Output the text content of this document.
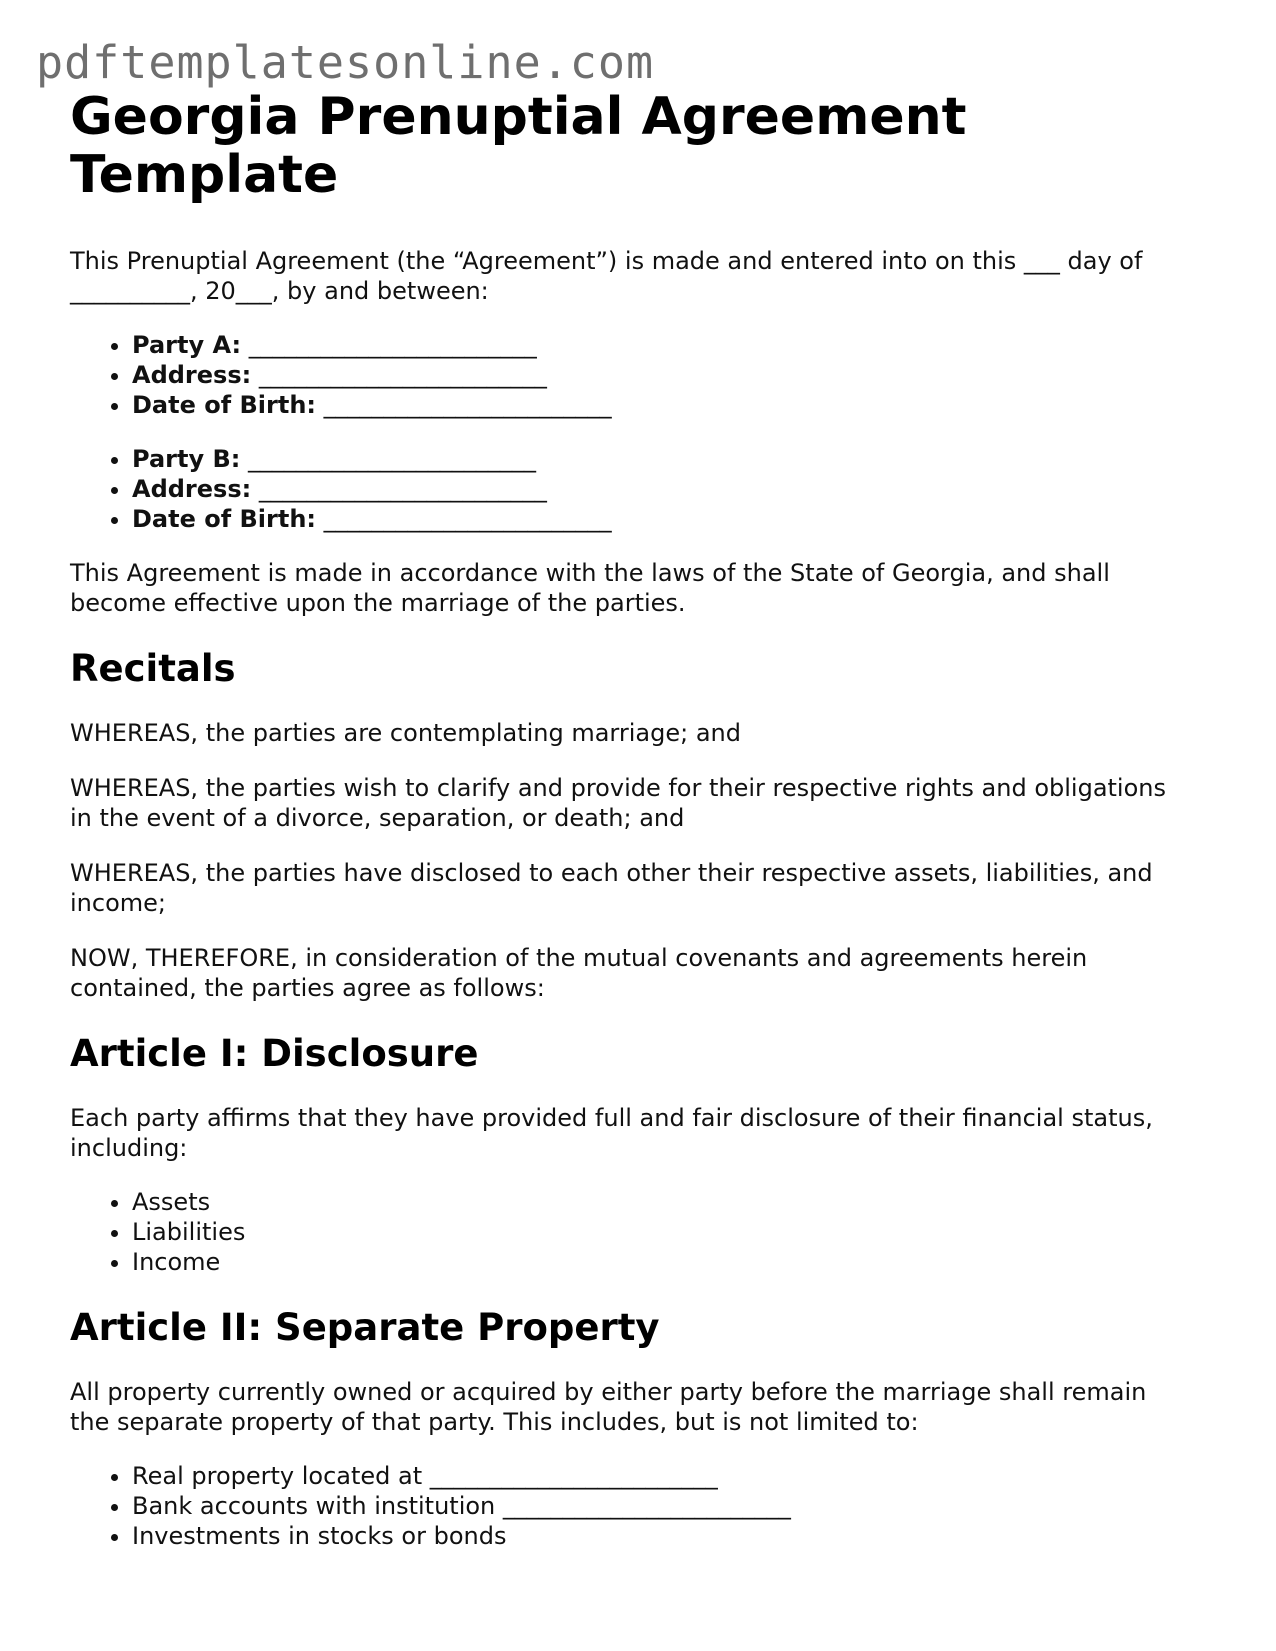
pdftemplatesonline.com
Georgia Prenuptial Agreement
Template

This Prenuptial Agreement (the “Agreement”) is made and entered into on this ___ day of
__________, 20___, by and between:

• Party A: ________________________
• Address: ________________________
• Date of Birth: ________________________
• Party B: ________________________
• Address: ________________________
• Date of Birth: ________________________

This Agreement is made in accordance with the laws of the State of Georgia, and shall
become effective upon the marriage of the parties.

Recitals

WHEREAS, the parties are contemplating marriage; and

WHEREAS, the parties wish to clarify and provide for their respective rights and obligations
in the event of a divorce, separation, or death; and

WHEREAS, the parties have disclosed to each other their respective assets, liabilities, and
income;

NOW, THEREFORE, in consideration of the mutual covenants and agreements herein
contained, the parties agree as follows:

Article I: Disclosure

Each party affirms that they have provided full and fair disclosure of their financial status,
including:

• Assets
• Liabilities
• Income
Article II: Separate Property

All property currently owned or acquired by either party before the marriage shall remain
the separate property of that party. This includes, but is not limited to:

• Real property located at ________________________
• Bank accounts with institution ________________________
• Investments in stocks or bonds
